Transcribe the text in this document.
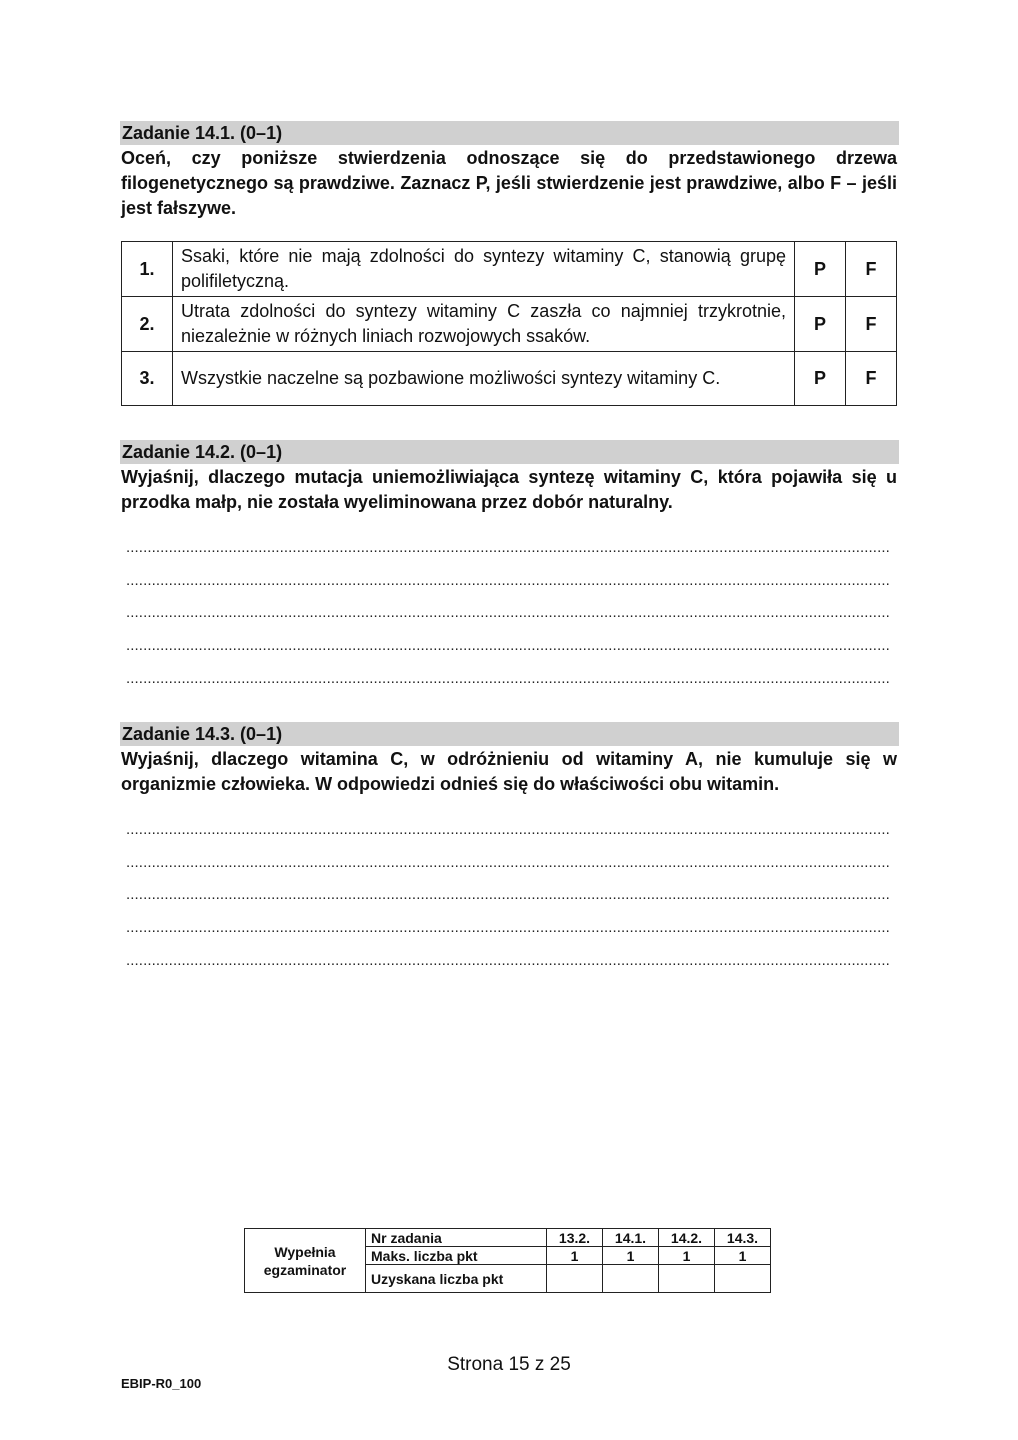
Zadanie 14.1. (0–1)
Oceń, czy poniższe stwierdzenia odnoszące się do przedstawionego drzewa filogenetycznego są prawdziwe. Zaznacz P, jeśli stwierdzenie jest prawdziwe, albo F – jeśli jest fałszywe.
1.	Ssaki, które nie mają zdolności do syntezy witaminy C, stanowią grupę polifiletyczną.	P	F
2.	Utrata zdolności do syntezy witaminy C zaszła co najmniej trzykrotnie, niezależnie w różnych liniach rozwojowych ssaków.	P	F
3.	Wszystkie naczelne są pozbawione możliwości syntezy witaminy C.	P	F
Zadanie 14.2. (0–1)
Wyjaśnij, dlaczego mutacja uniemożliwiająca syntezę witaminy C, która pojawiła się u przodka małp, nie została wyeliminowana przez dobór naturalny.
...................................................................................................................................................................................
...................................................................................................................................................................................
...................................................................................................................................................................................
...................................................................................................................................................................................
...................................................................................................................................................................................
Zadanie 14.3. (0–1)
Wyjaśnij, dlaczego witamina C, w odróżnieniu od witaminy A, nie kumuluje się w organizmie człowieka. W odpowiedzi odnieś się do właściwości obu witamin.
...................................................................................................................................................................................
...................................................................................................................................................................................
...................................................................................................................................................................................
...................................................................................................................................................................................
...................................................................................................................................................................................
Wypełnia
egzaminator	Nr zadania	13.2.	14.1.	14.2.	14.3.
	Maks. liczba pkt	1	1	1	1
	Uzyskana liczba pkt				
Strona 15 z 25
EBIP-R0_100
